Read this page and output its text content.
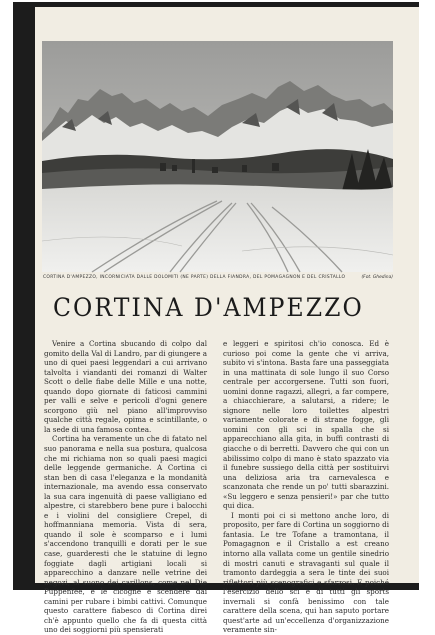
CORTINA D'AMPEZZO, INCORNICIATA DALLE DOLOMITI (NE PARTE) DELLA FIANDRA, DEL POMAGAGNON E DEL CRISTALLO	(Fot. Ghedina)
CORTINA D'AMPEZZO

Venire a Cortina sbucando di colpo dal gomito della Val di Landro, par di giungere a uno di quei paesi leggendari a cui arrivano talvolta i viandanti dei romanzi di Walter Scott o delle fiabe delle Mille e una notte, quando dopo giornate di faticosi cammini per valli e selve e pericoli d'ogni genere scorgono giù nel piano all'improvviso qualche città regale, opima e scintillante, o la sede di una famosa contea.

Cortina ha veramente un che di fatato nel suo panorama e nella sua postura, qualcosa che mi richiama non so quali paesi magici delle leggende germaniche. A Cortina ci stan ben di casa l'eleganza e la mondanità internazionale, ma avendo essa conservato la sua cara ingenuità di paese valligiano ed alpestre, ci starebbero bene pure i balocchi e i violini del consigliere Crepel, di hoffmanniana memoria. Vista di sera, quando il sole è scomparso e i lumi s'accendono tranquilli e dorati per le sue case, guarderesti che le statuine di legno foggiate dagli artigiani locali si apparecchino a danzare nelle vetrine dei negozi, al suono dei carillons, come nel Die Puppenfee, e le cicogne e scendere dai camini per rubare i bimbi cattivi. Comunque questo carattere fiabesco di Cortina direi ch'è appunto quello che fa di questa città uno dei soggiorni più spensierati

e leggeri e spiritosi ch'io conosca. Ed è curioso poi come la gente che vi arriva, subito vi s'intona. Basta fare una passeggiata in una mattinata di sole lungo il suo Corso centrale per accorgersene. Tutti son fuori, uomini donne ragazzi, allegri, a far compere, a chiacchierare, a salutarsi, a ridere; le signore nelle loro toilettes alpestri variamente colorate e di strane fogge, gli uomini con gli sci in spalla che si apparecchiano alla gita, in buffi contrasti di giacche o di berretti. Davvero che qui con un abilissimo colpo di mano è stato spazzato via il funebre sussiego della città per sostituirvi una deliziosa aria tra carnevalesca e scanzonata che rende un po' tutti sbarazzini. «Su leggero e senza pensieri!» par che tutto qui dica.

I monti poi ci si mettono anche loro, di proposito, per fare di Cortina un soggiorno di fantasia. Le tre Tofane a tramontana, il Pomagagnon e il Cristallo a est creano intorno alla vallata come un gentile sinedrio di mostri canuti e stravaganti sul quale il tramonto dardeggia a sera le tinte dei suoi riflettori più scenografici e sfarzosi. E poiché l'esercizio dello sci e di tutti gli sports invernali si confà benissimo con tale carattere della scena, qui han saputo portare quest'arte ad un'eccellenza d'organizzazione veramente sin-
